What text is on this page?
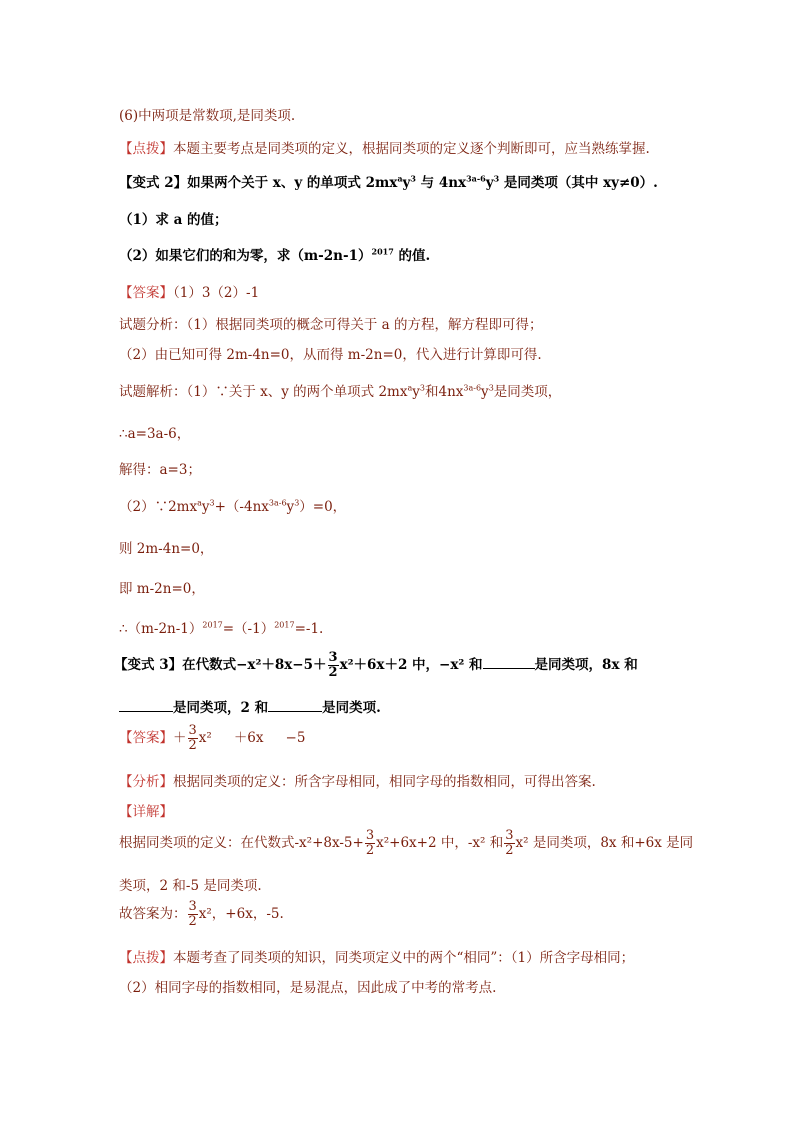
(6)中两项是常数项,是同类项.
【点拨】本题主要考点是同类项的定义，根据同类项的定义逐个判断即可，应当熟练掌握.
【变式 2】如果两个关于 x、y 的单项式 $2mx^ay^3$ 与 $4nx^{3a-6}y^3$ 是同类项（其中 xy≠0）.
（1）求 a 的值；
（2）如果它们的和为零，求$(m-2n-1)^{2017}$ 的值.
【答案】（1）3（2）-1
试题分析：（1）根据同类项的概念可得关于 a 的方程，解方程即可得；
（2）由已知可得 2m-4n=0，从而得 m-2n=0，代入进行计算即可得.
试题解析：（1）∵关于 x、y 的两个单项式 $2mx^ay^3$和$4nx^{3a-6}y^3$是同类项，
∴a=3a-6，
解得：a=3；
$(2)\because 2mx^ay^3+(-4nx^{3a-6}y^3)=0$，
则 2m-4n=0，
即 m-2n=0，
$\therefore(m-2n-1)^{2017}=(-1)^{2017}=-1$.
【变式 3】在代数式$-x^2+8x-5+ \frac{3}{2} x^2+6x+2$ 中，−x² 和	是同类项，8x 和
是同类项，2 和	是同类项.
【答案】＋ $\frac{3}{2} x^2 +6x -5$
【分析】根据同类项的定义：所含字母相同，相同字母的指数相同，可得出答案.
【详解】
根据同类项的定义：在代数式$-x^2+8x-5+ \frac{3}{2} x^2+6x+2$ 中，-x² 和 $\frac{3}{2} x^2$ 是同类项，8x 和+6x 是同
类项，2 和-5 是同类项.
故答案为： $\frac{3}{2} x^2$，+6x，-5.
【点拨】本题考查了同类项的知识，同类项定义中的两个“相同”：（1）所含字母相同；
（2）相同字母的指数相同，是易混点，因此成了中考的常考点.
